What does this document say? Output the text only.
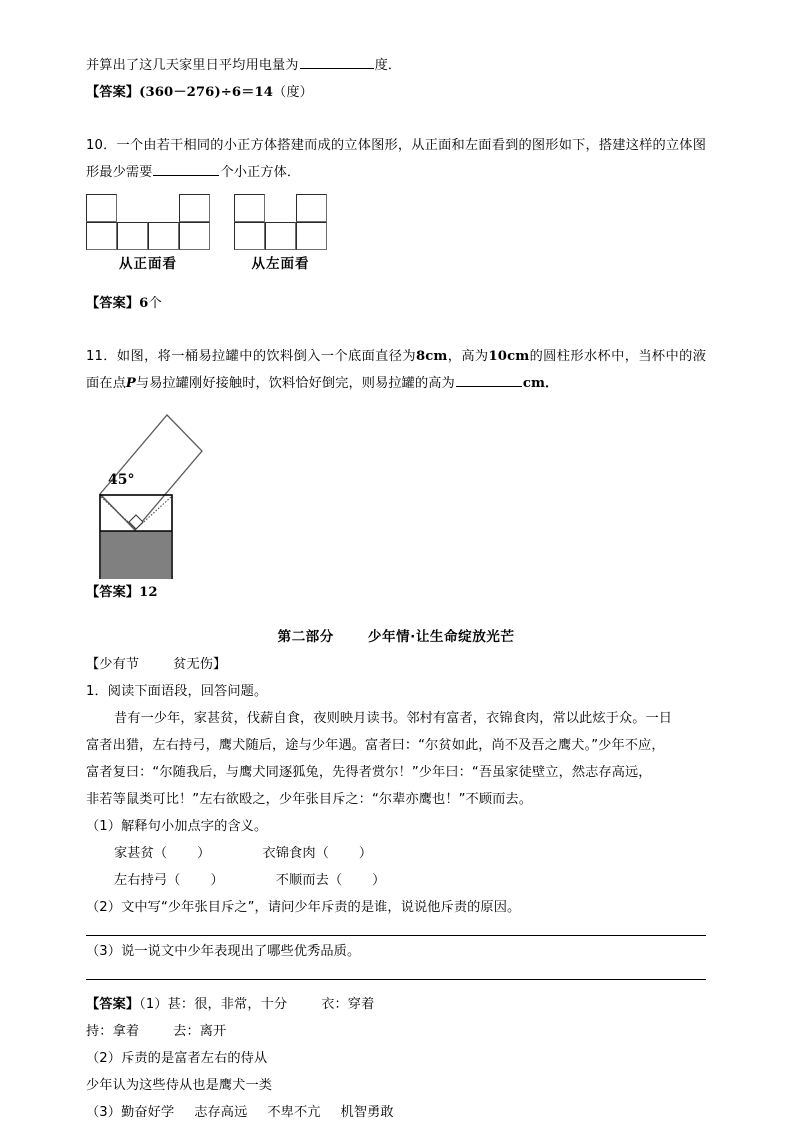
并算出了这几天家里日平均用电量为	度．

【答案】(360－276)÷6＝14（度）

10．一个由若干相同的小正方体搭建而成的立体图形，从正面和左面看到的图形如下，搭建这样的立体图形最少需要	个小正方体．

从正面看	从左面看

【答案】6个

11．如图，将一桶易拉罐中的饮料倒入一个底面直径为8cm，高为10cm的圆柱形水杯中，当杯中的液面在点P与易拉罐刚好接触时，饮料恰好倒完，则易拉罐的高为	cm．

45°

【答案】12

第二部分	少年情·让生命绽放光芒

【少有节	贫无伤】

1．阅读下面语段，回答问题。

昔有一少年，家甚贫，伐薪自食，夜则映月读书。邻村有富者，衣锦食肉，常以此炫于众。一日

富者出猎，左右持弓，鹰犬随后，途与少年遇。富者曰：“尔贫如此，尚不及吾之鹰犬。”少年不应，

富者复曰：“尔随我后，与鹰犬同逐狐兔，先得者赏尔！”少年曰：“吾虽家徒壁立，然志存高远，

非若等鼠类可比！”左右欲殴之，少年张目斥之：“尔辈亦鹰也！”不顾而去。

（1）解释句小加点字的含义。

家甚贫（ ）	衣锦食肉（ ）

左右持弓（ ）	不顺而去（ ）

（2）文中写“少年张目斥之”，请问少年斥责的是谁，说说他斥责的原因。

（3）说一说文中少年表现出了哪些优秀品质。

【答案】（1）甚：很，非常，十分	衣：穿着

持：拿着	去：离开

（2）斥责的是富者左右的侍从

少年认为这些侍从也是鹰犬一类

（3）勤奋好学 志存高远 不卑不亢 机智勇敢
